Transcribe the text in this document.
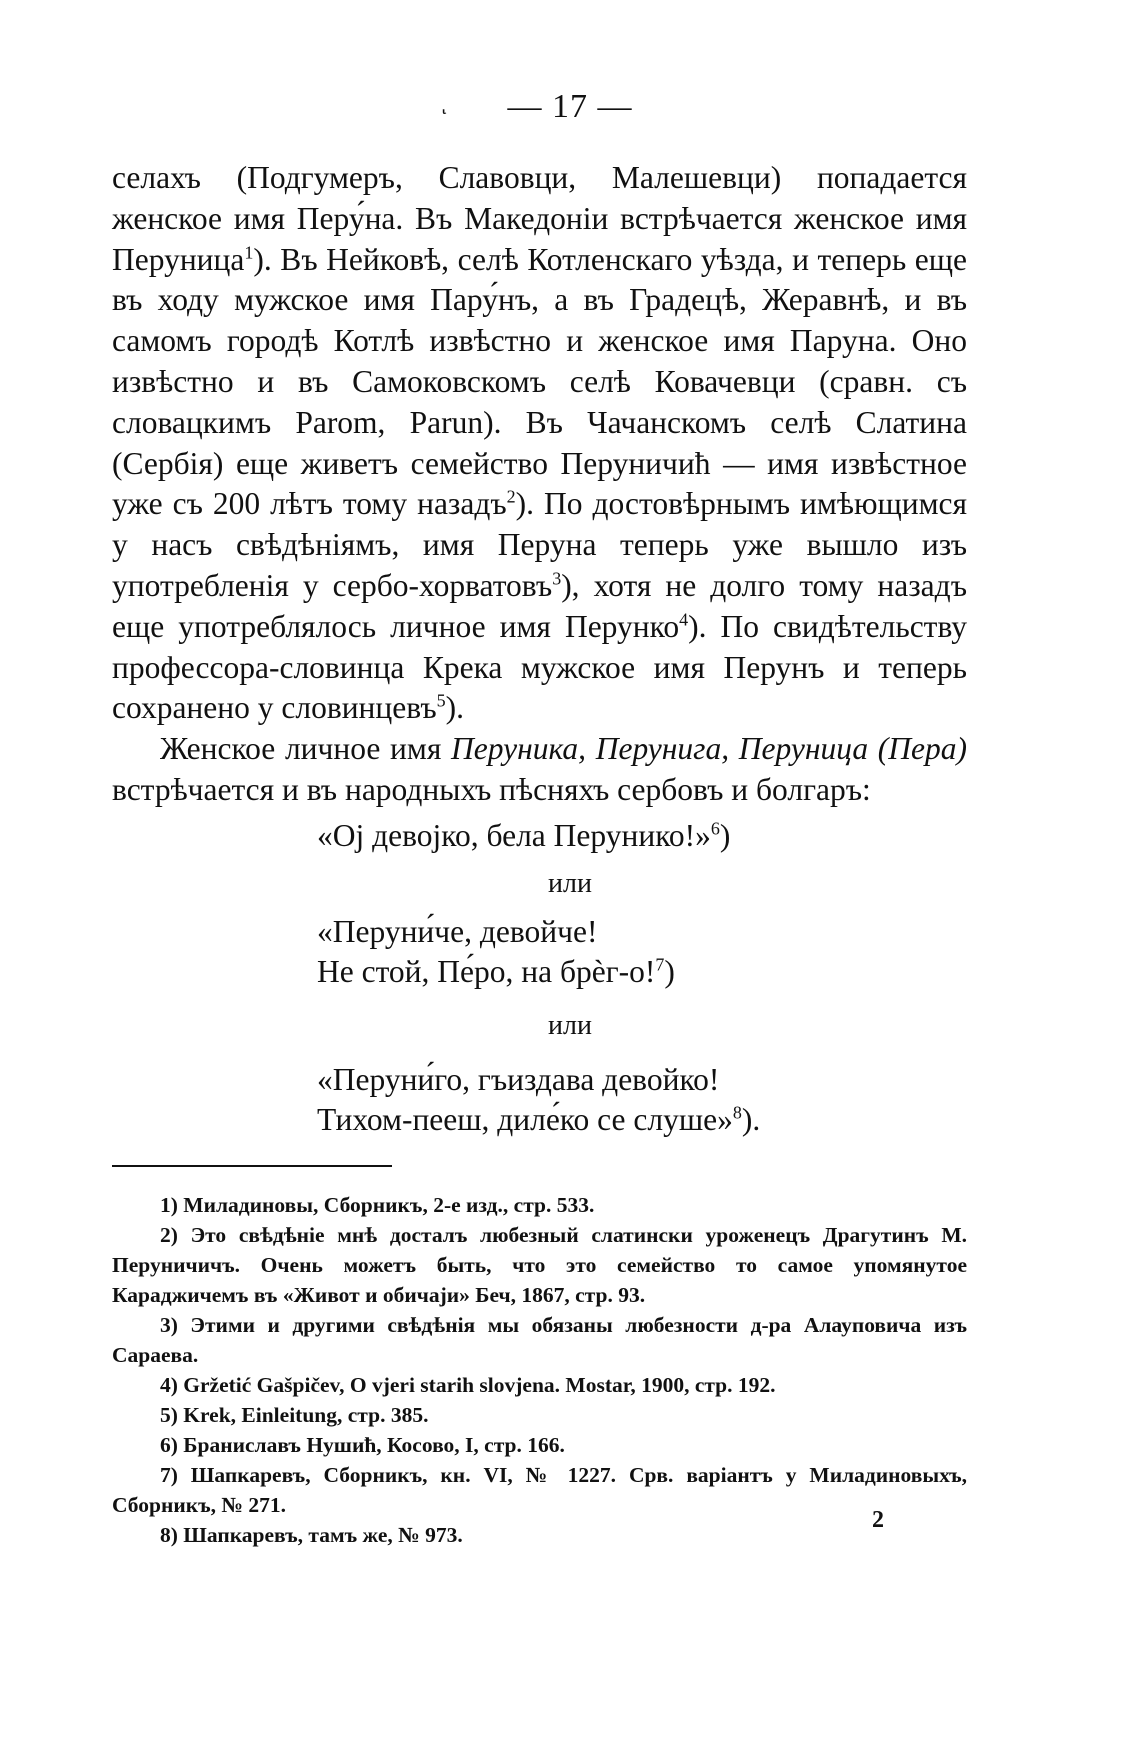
ͺ — 17 —

селахъ (Подгумеръ, Славовци, Малешевци) попадается женское имя Перу́на. Въ Македоніи встрѣчается женское имя Перуница$^1$). Въ Нейковѣ, селѣ Котленскаго уѣзда, и теперь еще въ ходу мужское имя Пару́нъ, а въ Градецѣ, Жеравнѣ, и въ самомъ городѣ Котлѣ извѣстно и женское имя Паруна. Оно извѣстно и въ Самоковскомъ селѣ Ковачевци (сравн. съ словацкимъ Parom, Parun). Въ Чачанскомъ селѣ Слатина (Сербія) еще живетъ семейство Перуничић — имя извѣстное уже съ 200 лѣтъ тому назадъ$^2$). По достовѣрнымъ имѣющимся у насъ свѣдѣніямъ, имя Перуна теперь уже вышло изъ употребленія у сербо-хорватовъ$^3$), хотя не долго тому назадъ еще употреблялось личное имя Перунко$^4$). По свидѣтельству профессора-словинца Крека мужское имя Перунъ и теперь сохранено у словинцевъ$^5$).

Женское личное имя Перуника, Перунига, Перуница (Пера) встрѣчается и въ народныхъ пѣсняхъ сербовъ и болгаръ:

«Ој девојко, бела Перунико!»$^6$)
или
«Перуни́че, девойче!
Не стой, Пе́ро, на брѐг-о!$^7$)
или
«Перуни́го, гъиздава девойко!
Тихом-пееш, диле́ко се слуше»$^8$).

1) Миладиновы, Сборникъ, 2-е изд., стр. 533.

2) Это свѣдѣніе мнѣ досталъ любезный слатински уроженецъ Драгутинъ М. Перуничичъ. Очень можетъ быть, что это семейство то самое упомянутое Караджичемъ въ «Живот и обичаји» Беч, 1867, стр. 93.

3) Этими и другими свѣдѣнія мы обязаны любезности д-ра Алауповича изъ Сараева.

4) Gržetić Gašpičev, O vjeri starih slovjena. Mostar, 1900, стр. 192.

5) Krek, Einleitung, стр. 385.

6) Браниславъ Нушић, Косово, I, стр. 166.

7) Шапкаревъ, Сборникъ, кн. VI, № 1227. Срв. варіантъ у Миладиновыхъ, Сборникъ, № 271.

8) Шапкаревъ, тамъ же, № 973.

2
